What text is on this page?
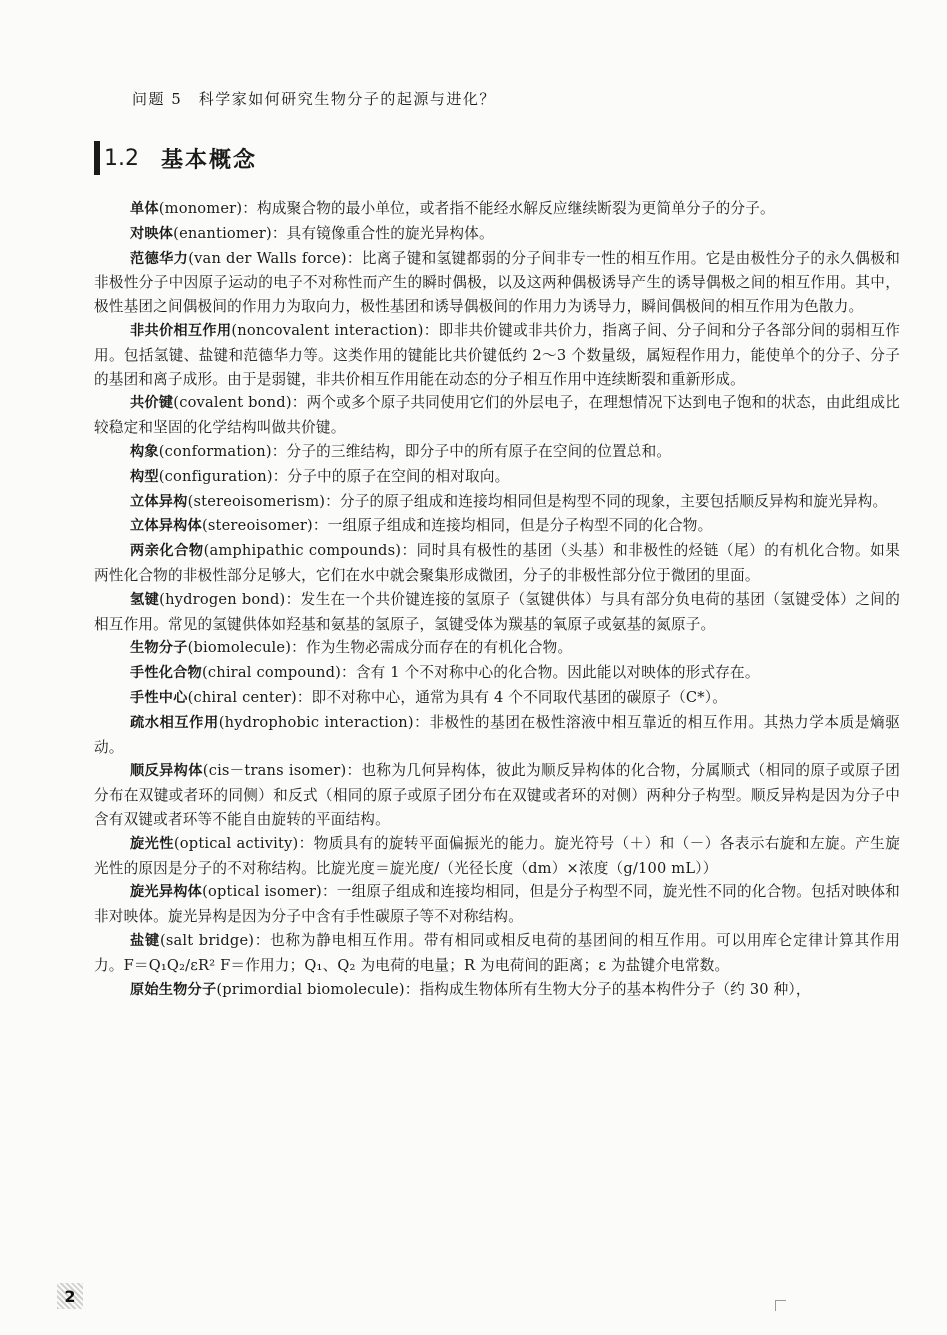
问题 5　科学家如何研究生物分子的起源与进化？
1.2 基本概念

单体(monomer)：构成聚合物的最小单位，或者指不能经水解反应继续断裂为更简单分子的分子。

对映体(enantiomer)：具有镜像重合性的旋光异构体。

范德华力(van der Walls force)：比离子键和氢键都弱的分子间非专一性的相互作用。它是由极性分子的永久偶极和非极性分子中因原子运动的电子不对称性而产生的瞬时偶极，以及这两种偶极诱导产生的诱导偶极之间的相互作用。其中，极性基团之间偶极间的作用力为取向力，极性基团和诱导偶极间的作用力为诱导力，瞬间偶极间的相互作用为色散力。

非共价相互作用(noncovalent interaction)：即非共价键或非共价力，指离子间、分子间和分子各部分间的弱相互作用。包括氢键、盐键和范德华力等。这类作用的键能比共价键低约 2～3 个数量级，属短程作用力，能使单个的分子、分子的基团和离子成形。由于是弱键，非共价相互作用能在动态的分子相互作用中连续断裂和重新形成。

共价键(covalent bond)：两个或多个原子共同使用它们的外层电子，在理想情况下达到电子饱和的状态，由此组成比较稳定和坚固的化学结构叫做共价键。

构象(conformation)：分子的三维结构，即分子中的所有原子在空间的位置总和。

构型(configuration)：分子中的原子在空间的相对取向。

立体异构(stereoisomerism)：分子的原子组成和连接均相同但是构型不同的现象，主要包括顺反异构和旋光异构。

立体异构体(stereoisomer)：一组原子组成和连接均相同，但是分子构型不同的化合物。

两亲化合物(amphipathic compounds)：同时具有极性的基团（头基）和非极性的烃链（尾）的有机化合物。如果两性化合物的非极性部分足够大，它们在水中就会聚集形成微团，分子的非极性部分位于微团的里面。

氢键(hydrogen bond)：发生在一个共价键连接的氢原子（氢键供体）与具有部分负电荷的基团（氢键受体）之间的相互作用。常见的氢键供体如羟基和氨基的氢原子，氢键受体为羰基的氧原子或氨基的氮原子。

生物分子(biomolecule)：作为生物必需成分而存在的有机化合物。

手性化合物(chiral compound)：含有 1 个不对称中心的化合物。因此能以对映体的形式存在。

手性中心(chiral center)：即不对称中心，通常为具有 4 个不同取代基团的碳原子（C*）。

疏水相互作用(hydrophobic interaction)：非极性的基团在极性溶液中相互靠近的相互作用。其热力学本质是熵驱动。

顺反异构体(cis－trans isomer)：也称为几何异构体，彼此为顺反异构体的化合物，分属顺式（相同的原子或原子团分布在双键或者环的同侧）和反式（相同的原子或原子团分布在双键或者环的对侧）两种分子构型。顺反异构是因为分子中含有双键或者环等不能自由旋转的平面结构。

旋光性(optical activity)：物质具有的旋转平面偏振光的能力。旋光符号（＋）和（－）各表示右旋和左旋。产生旋光性的原因是分子的不对称结构。比旋光度＝旋光度/（光径长度（dm）×浓度（g/100 mL））

旋光异构体(optical isomer)：一组原子组成和连接均相同，但是分子构型不同，旋光性不同的化合物。包括对映体和非对映体。旋光异构是因为分子中含有手性碳原子等不对称结构。

盐键(salt bridge)：也称为静电相互作用。带有相同或相反电荷的基团间的相互作用。可以用库仑定律计算其作用力。F＝Q₁Q₂/εR² F＝作用力；Q₁、Q₂ 为电荷的电量；R 为电荷间的距离；ε 为盐键介电常数。

原始生物分子(primordial biomolecule)：指构成生物体所有生物大分子的基本构件分子（约 30 种），

2
